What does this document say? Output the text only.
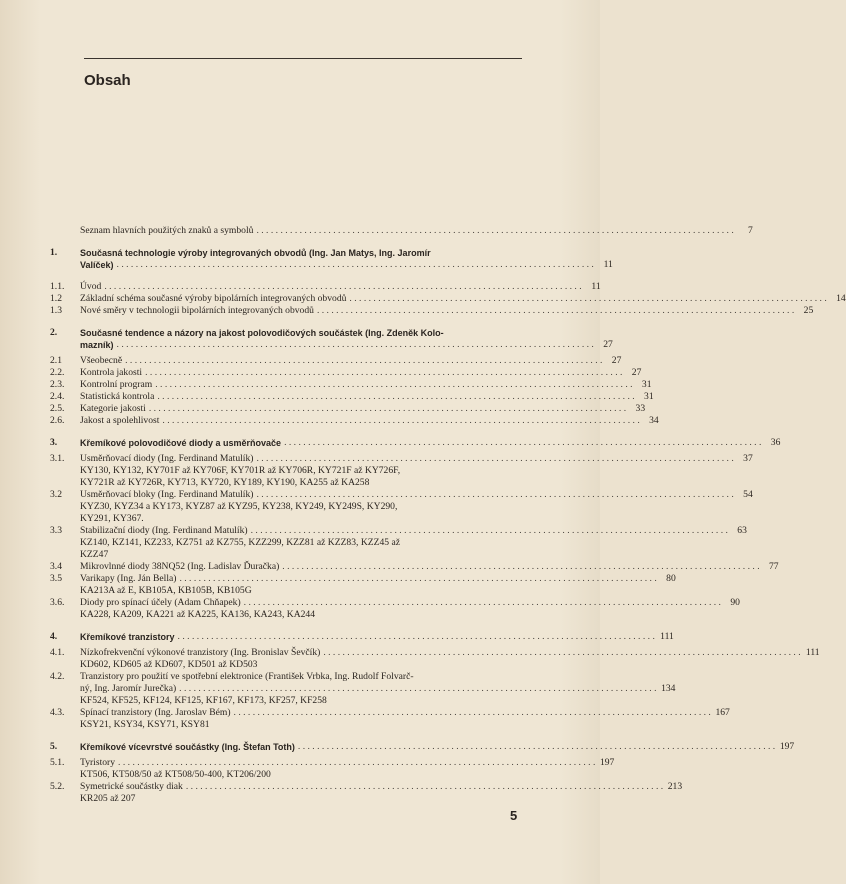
Obsah
Seznam hlavních použitých znaků a symbolů . . .	7
1.	Současná technologie výroby integrovaných obvodů (Ing. Jan Matys, Ing. Jaromír
Valíček) . . .	11
1.1.	Úvod . . .	11
1.2	Základní schéma současné výroby bipolárních integrovaných obvodů . . .	14
1.3	Nové směry v technologii bipolárních integrovaných obvodů . . .	25
2.	Současné tendence a názory na jakost polovodičových součástek (Ing. Zdeněk Kolo-
mazník) . . .	27
2.1	Všeobecně . . .	27
2.2.	Kontrola jakosti . . .	27
2.3.	Kontrolní program . . .	31
2.4.	Statistická kontrola . . .	31
2.5.	Kategorie jakosti . . .	33
2.6.	Jakost a spolehlivost . . .	34
3.	Křemíkové polovodičové diody a usměrňovače . . .	36
3.1.	Usměrňovací diody (Ing. Ferdinand Matulík) . . .	37
KY130, KY132, KY701F až KY706F, KY701R až KY706R, KY721F až KY726F,
KY721R až KY726R, KY713, KY720, KY189, KY190, KA255 až KA258
3.2	Usměrňovací bloky (Ing. Ferdinand Matulík) . . .	54
KYZ30, KYZ34 a KY173, KYZ87 až KYZ95, KY238, KY249, KY249S, KY290,
KY291, KY367.
3.3	Stabilizační diody (Ing. Ferdinand Matulík) . . .	63
KZ140, KZ141, KZ233, KZ751 až KZ755, KZZ299, KZZ81 až KZZ83, KZZ45 až
KZZ47
3.4	Mikrovlnné diody 38NQ52 (Ing. Ladislav Ďuračka) . . .	77
3.5	Varikapy (Ing. Ján Bella) . . .	80
KA213A až E, KB105A, KB105B, KB105G
3.6.	Diody pro spínací účely (Adam Chňapek) . . .	90
KA228, KA209, KA221 až KA225, KA136, KA243, KA244
4.	Křemíkové tranzistory . . .	111
4.1.	Nízkofrekvenční výkonové tranzistory (Ing. Bronislav Ševčík) . . .	111
KD602, KD605 až KD607, KD501 až KD503
4.2.	Tranzistory pro použití ve spotřební elektronice (František Vrbka, Ing. Rudolf Folvarč-
ný, Ing. Jaromír Jurečka) . . .	134
KF524, KF525, KF124, KF125, KF167, KF173, KF257, KF258
4.3.	Spínací tranzistory (Ing. Jaroslav Bém) . . .	167
KSY21, KSY34, KSY71, KSY81
5.	Křemíkové vícevrstvé součástky (Ing. Štefan Toth) . . .	197
5.1.	Tyristory . . .	197
KT506, KT508/50 až KT508/50-400, KT206/200
5.2.	Symetrické součástky diak . . .	213
KR205 až 207
5
